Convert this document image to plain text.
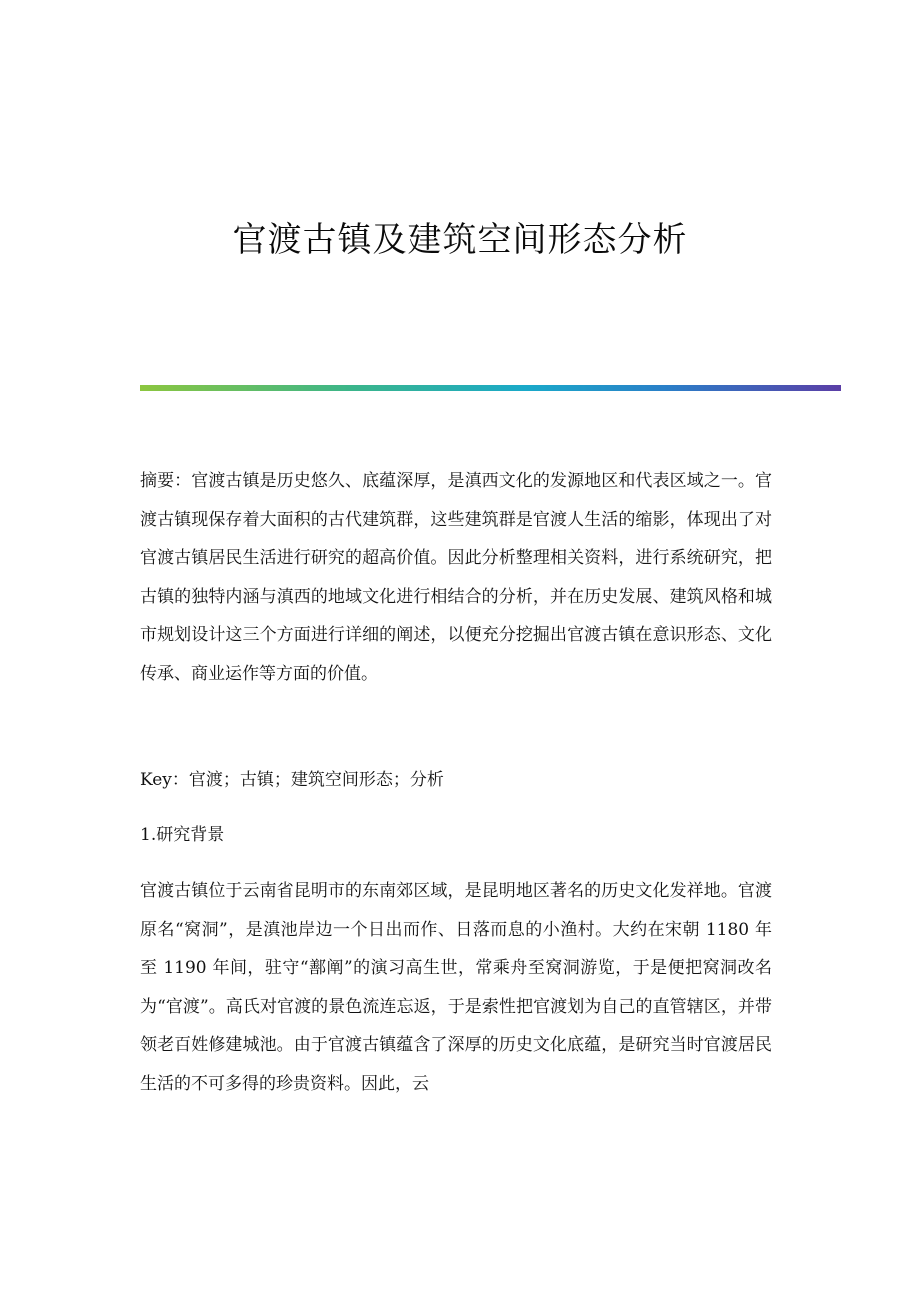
官渡古镇及建筑空间形态分析

摘要：官渡古镇是历史悠久、底蕴深厚，是滇西文化的发源地区和代表区域之一。官渡古镇现保存着大面积的古代建筑群，这些建筑群是官渡人生活的缩影，体现出了对官渡古镇居民生活进行研究的超高价值。因此分析整理相关资料，进行系统研究，把古镇的独特内涵与滇西的地域文化进行相结合的分析，并在历史发展、建筑风格和城市规划设计这三个方面进行详细的阐述，以便充分挖掘出官渡古镇在意识形态、文化传承、商业运作等方面的价值。

Key：官渡；古镇；建筑空间形态；分析

1.研究背景

官渡古镇位于云南省昆明市的东南郊区域，是昆明地区著名的历史文化发祥地。官渡原名“窝洞”，是滇池岸边一个日出而作、日落而息的小渔村。大约在宋朝 1180 年至 1190 年间，驻守“鄯阐”的演习高生世，常乘舟至窝洞游览，于是便把窝洞改名为“官渡”。高氏对官渡的景色流连忘返，于是索性把官渡划为自己的直管辖区，并带领老百姓修建城池。由于官渡古镇蕴含了深厚的历史文化底蕴，是研究当时官渡居民生活的不可多得的珍贵资料。因此，云
